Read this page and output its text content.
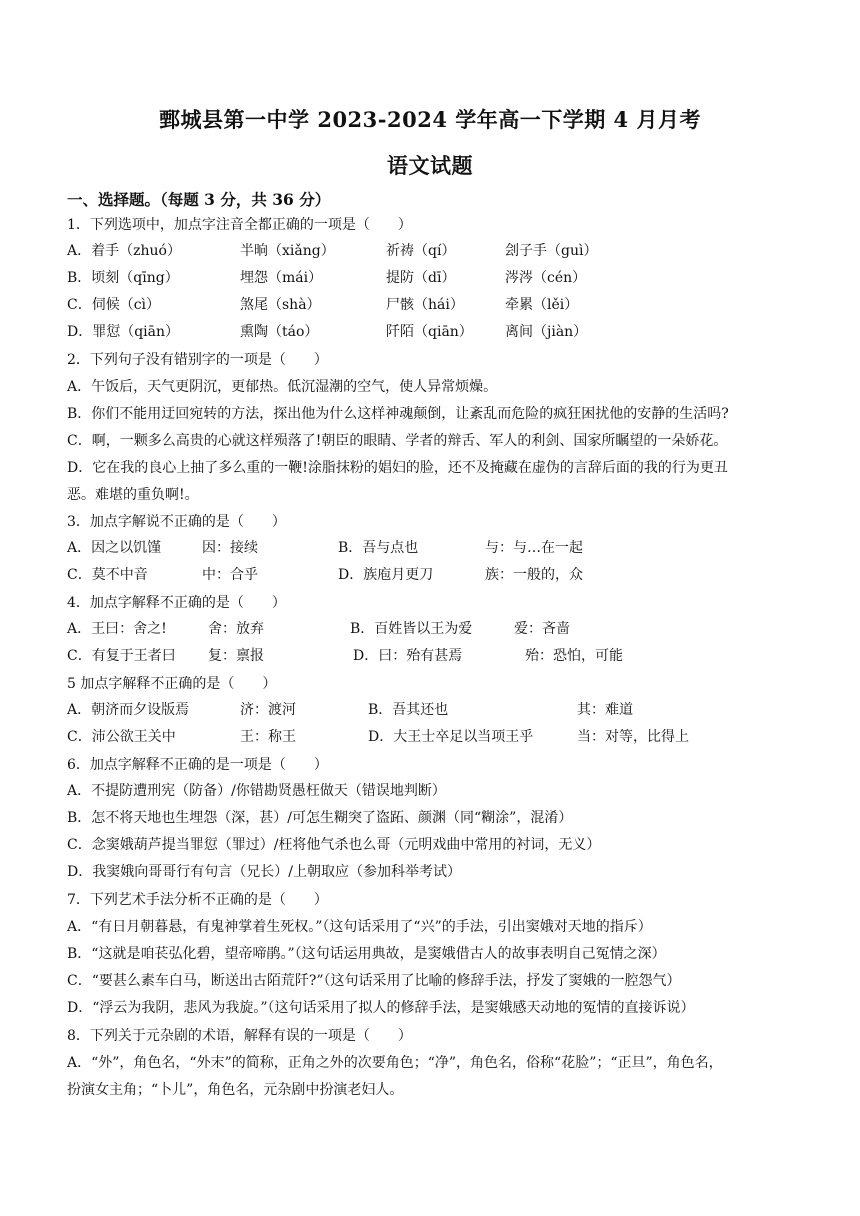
鄄城县第一中学 2023-2024 学年高一下学期 4 月月考
语文试题
一、选择题。（每题 3 分，共 36 分）
1．下列选项中，加点字注音全都正确的一项是（　　）
A．着手（zhuó）	半晌（xiǎng）	祈祷（qí）	刽子手（guì）
B．顷刻（qīng）	埋怨（mái）	提防（dī）	涔涔（cén）
C．伺候（cì）	煞尾（shà）	尸骸（hái）	牵累（lěi）
D．罪愆（qiān）	熏陶（táo）	阡陌（qiān） 离间（jiàn）
2．下列句子没有错别字的一项是（　　）
A．午饭后，天气更阴沉，更郁热。低沉湿潮的空气，使人异常烦燥。
B．你们不能用迂回宛转的方法，探出他为什么这样神魂颠倒，让紊乱而危险的疯狂困扰他的安静的生活吗?
C．啊，一颗多么高贵的心就这样殒落了!朝臣的眼睛、学者的辩舌、军人的利剑、国家所瞩望的一朵娇花。
D．它在我的良心上抽了多么重的一鞭!涂脂抹粉的娼妇的脸，还不及掩藏在虚伪的言辞后面的我的行为更丑
恶。难堪的重负啊!。
3．加点字解说不正确的是（　　）
A．因之以饥馑	因：接续	B．吾与点也	与：与…在一起
C．莫不中音	中：合乎	D．族庖月更刀	族：一般的，众
4．加点字解释不正确的是（　　）
A．王曰：舍之!	舍：放弃	B．百姓皆以王为爱	爱：吝啬
C．有复于王者曰 复：禀报	D．曰：殆有甚焉	殆：恐怕，可能
5 加点字解释不正确的是（　　）
A．朝济而夕设版焉	济：渡河	B．吾其还也	其：难道
C．沛公欲王关中	王：称王	D．大王士卒足以当项王乎	当：对等，比得上
6．加点字解释不正确的是一项是（　　）
A．不提防遭刑宪（防备）/你错勘贤愚枉做天（错误地判断）
B．怎不将天地也生埋怨（深，甚）/可怎生糊突了盗跖、颜渊（同“糊涂”，混淆）
C．念窦娥葫芦提当罪愆（罪过）/枉将他气杀也么哥（元明戏曲中常用的衬词，无义）
D．我窦娥向哥哥行有句言（兄长）/上朝取应（参加科举考试）
7．下列艺术手法分析不正确的是（　　）
A．“有日月朝暮悬，有鬼神掌着生死权。”（这句话采用了“兴”的手法，引出窦娥对天地的指斥）
B．“这就是咱苌弘化碧，望帝啼鹃。”（这句话运用典故，是窦娥借古人的故事表明自己冤情之深）
C．“要甚么素车白马，断送出古陌荒阡?”（这句话采用了比喻的修辞手法，抒发了窦娥的一腔怨气）
D．“浮云为我阴，悲风为我旋。”（这句话采用了拟人的修辞手法，是窦娥感天动地的冤情的直接诉说）
8．下列关于元杂剧的术语，解释有误的一项是（　　）
A．“外”，角色名，“外末”的简称，正角之外的次要角色；“净”，角色名，俗称“花脸”；“正旦”，角色名，
扮演女主角；“卜儿”，角色名，元杂剧中扮演老妇人。
